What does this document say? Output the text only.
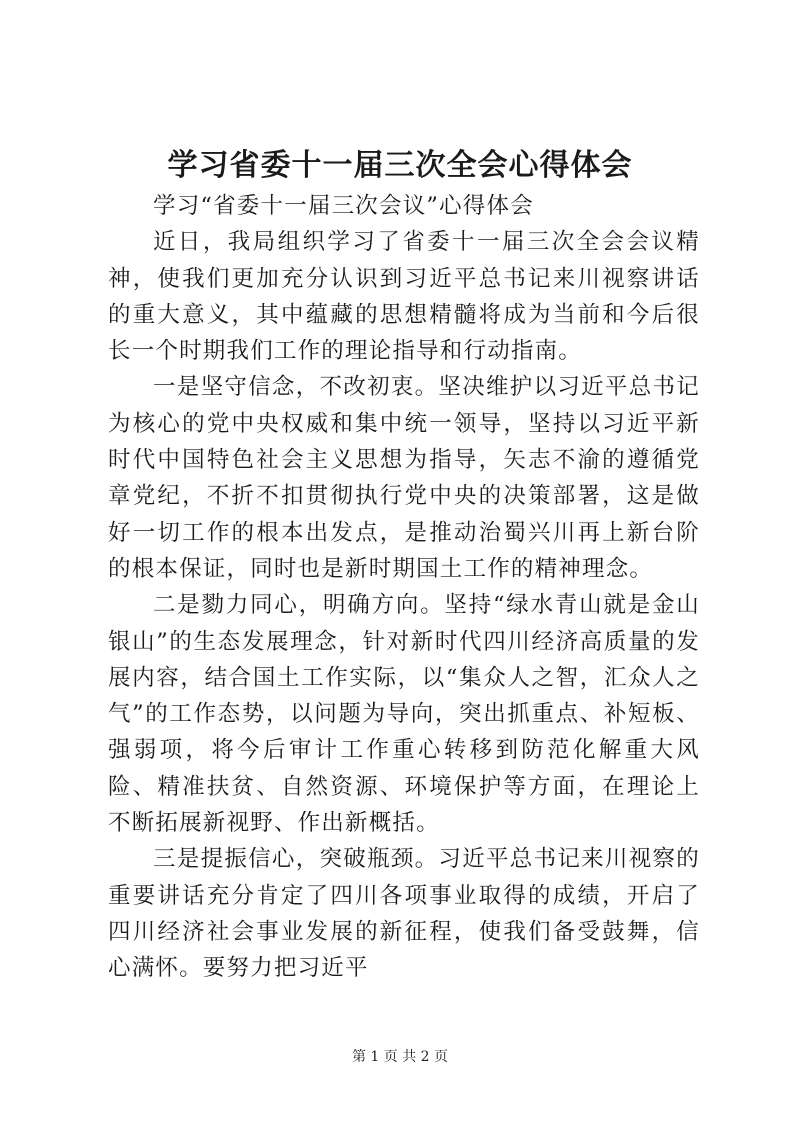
学习省委十一届三次全会心得体会

学习“省委十一届三次会议”心得体会

近日，我局组织学习了省委十一届三次全会会议精神，使我们更加充分认识到习近平总书记来川视察讲话的重大意义，其中蕴藏的思想精髓将成为当前和今后很长一个时期我们工作的理论指导和行动指南。

一是坚守信念，不改初衷。坚决维护以习近平总书记为核心的党中央权威和集中统一领导，坚持以习近平新时代中国特色社会主义思想为指导，矢志不渝的遵循党章党纪，不折不扣贯彻执行党中央的决策部署，这是做好一切工作的根本出发点，是推动治蜀兴川再上新台阶的根本保证，同时也是新时期国土工作的精神理念。

二是勠力同心，明确方向。坚持“绿水青山就是金山银山”的生态发展理念，针对新时代四川经济高质量的发展内容，结合国土工作实际，以“集众人之智，汇众人之气”的工作态势，以问题为导向，突出抓重点、补短板、强弱项，将今后审计工作重心转移到防范化解重大风险、精准扶贫、自然资源、环境保护等方面，在理论上不断拓展新视野、作出新概括。

三是提振信心，突破瓶颈。习近平总书记来川视察的重要讲话充分肯定了四川各项事业取得的成绩，开启了四川经济社会事业发展的新征程，使我们备受鼓舞，信心满怀。要努力把习近平

第 1 页 共 2 页
